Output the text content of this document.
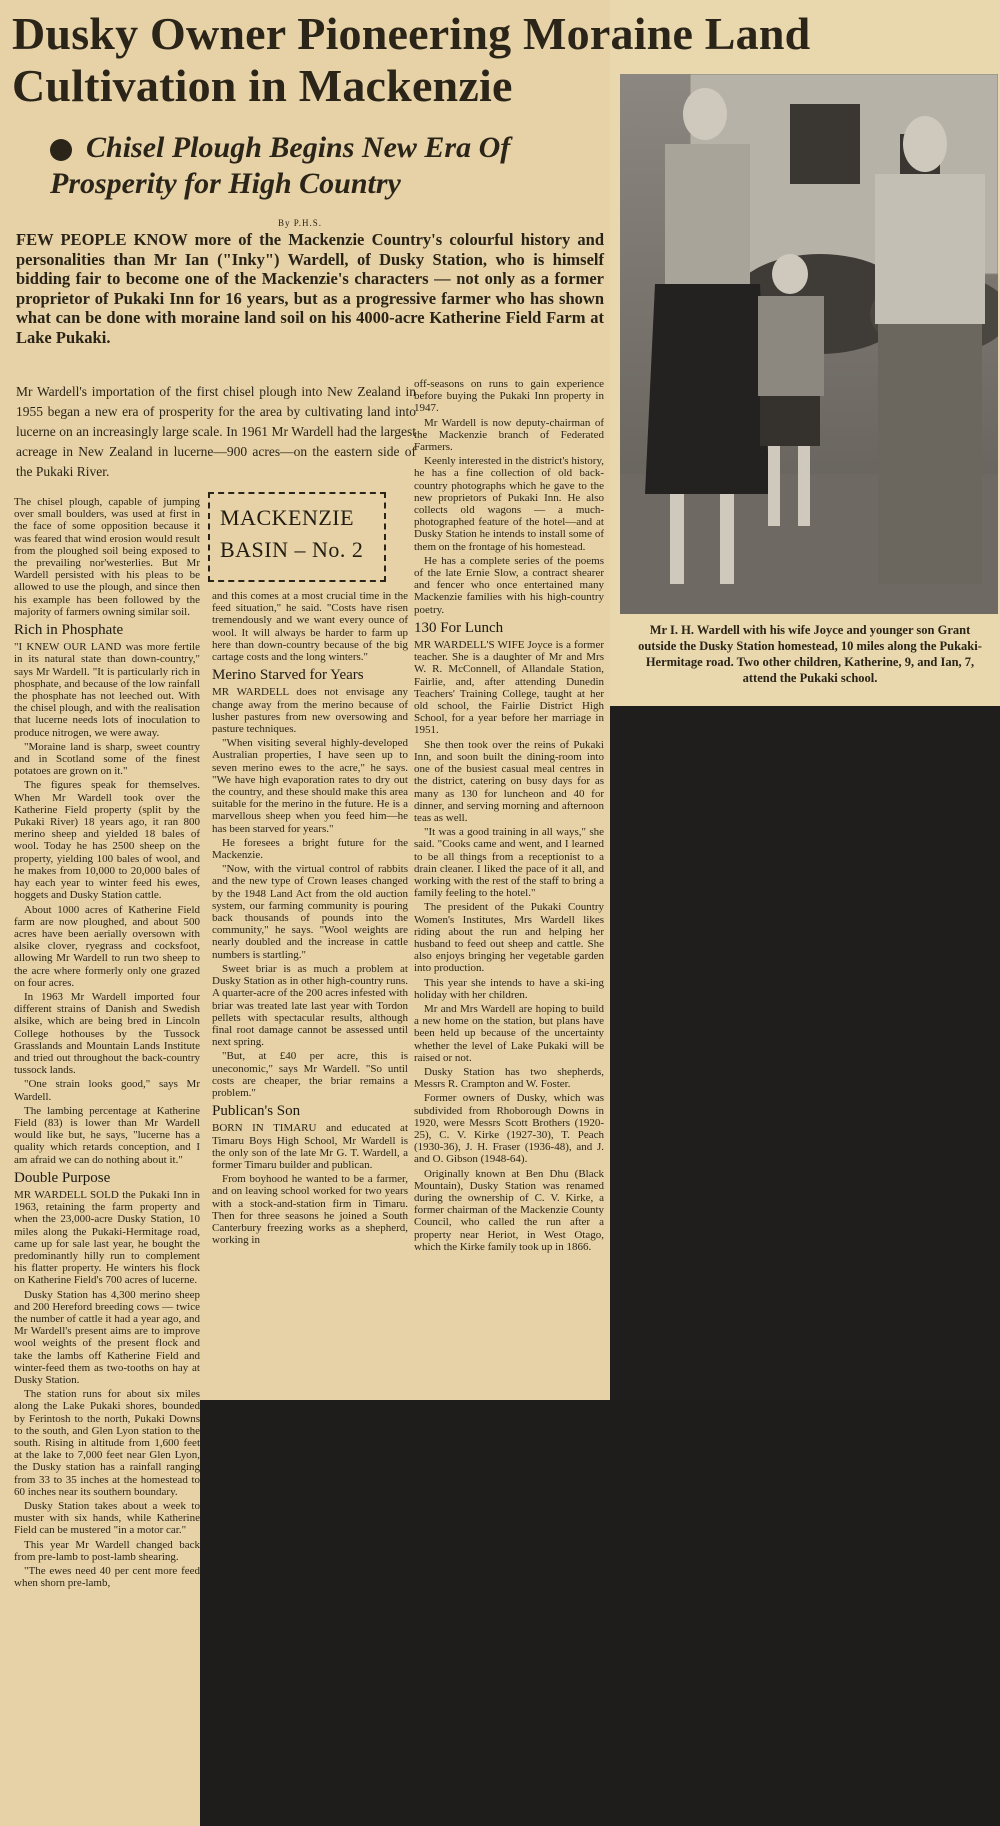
Dusky Owner Pioneering Moraine Land Cultivation in Mackenzie
Chisel Plough Begins New Era Of Prosperity for High Country
By P.H.S.
FEW PEOPLE KNOW more of the Mackenzie Country's colourful history and personalities than Mr Ian ("Inky") Wardell, of Dusky Station, who is himself bidding fair to become one of the Mackenzie's characters — not only as a former proprietor of Pukaki Inn for 16 years, but as a progressive farmer who has shown what can be done with moraine land soil on his 4000-acre Katherine Field Farm at Lake Pukaki.
Mr Wardell's importation of the first chisel plough into New Zealand in 1955 began a new era of prosperity for the area by cultivating land into lucerne on an increasingly large scale. In 1961 Mr Wardell had the largest acreage in New Zealand in lucerne—900 acres—on the eastern side of the Pukaki River.
Mr I. H. Wardell with his wife Joyce and younger son Grant outside the Dusky Station homestead, 10 miles along the Pukaki-Hermitage road. Two other children, Katherine, 9, and Ian, 7, attend the Pukaki school.
MACKENZIE BASIN – No. 2

The chisel plough, capable of jumping over small boulders, was used at first in the face of some opposition because it was feared that wind erosion would result from the ploughed soil being exposed to the prevailing nor'westerlies. But Mr Wardell persisted with his pleas to be allowed to use the plough, and since then his example has been followed by the majority of farmers owning similar soil.

Rich in Phosphate

"I KNEW OUR LAND was more fertile in its natural state than down-country," says Mr Wardell. "It is particularly rich in phosphate, and because of the low rainfall the phosphate has not leeched out. With the chisel plough, and with the realisation that lucerne needs lots of inoculation to produce nitrogen, we were away.

"Moraine land is sharp, sweet country and in Scotland some of the finest potatoes are grown on it."

The figures speak for themselves. When Mr Wardell took over the Katherine Field property (split by the Pukaki River) 18 years ago, it ran 800 merino sheep and yielded 18 bales of wool. Today he has 2500 sheep on the property, yielding 100 bales of wool, and he makes from 10,000 to 20,000 bales of hay each year to winter feed his ewes, hoggets and Dusky Station cattle.

About 1000 acres of Katherine Field farm are now ploughed, and about 500 acres have been aerially oversown with alsike clover, ryegrass and cocksfoot, allowing Mr Wardell to run two sheep to the acre where formerly only one grazed on four acres.

In 1963 Mr Wardell imported four different strains of Danish and Swedish alsike, which are being bred in Lincoln College hothouses by the Tussock Grasslands and Mountain Lands Institute and tried out throughout the back-country tussock lands.

"One strain looks good," says Mr Wardell.

The lambing percentage at Katherine Field (83) is lower than Mr Wardell would like but, he says, "lucerne has a quality which retards conception, and I am afraid we can do nothing about it."

Double Purpose

MR WARDELL SOLD the Pukaki Inn in 1963, retaining the farm property and when the 23,000-acre Dusky Station, 10 miles along the Pukaki-Hermitage road, came up for sale last year, he bought the predominantly hilly run to complement his flatter property. He winters his flock on Katherine Field's 700 acres of lucerne.

Dusky Station has 4,300 merino sheep and 200 Hereford breeding cows — twice the number of cattle it had a year ago, and Mr Wardell's present aims are to improve wool weights of the present flock and take the lambs off Katherine Field and winter-feed them as two-tooths on hay at Dusky Station.

The station runs for about six miles along the Lake Pukaki shores, bounded by Ferintosh to the north, Pukaki Downs to the south, and Glen Lyon station to the south. Rising in altitude from 1,600 feet at the lake to 7,000 feet near Glen Lyon, the Dusky station has a rainfall ranging from 33 to 35 inches at the homestead to 60 inches near its southern boundary.

Dusky Station takes about a week to muster with six hands, while Katherine Field can be mustered "in a motor car."

This year Mr Wardell changed back from pre-lamb to post-lamb shearing.

"The ewes need 40 per cent more feed when shorn pre-lamb,

and this comes at a most crucial time in the feed situation," he said. "Costs have risen tremendously and we want every ounce of wool. It will always be harder to farm up here than down-country because of the big cartage costs and the long winters."

Merino Starved for Years

MR WARDELL does not envisage any change away from the merino because of lusher pastures from new oversowing and pasture techniques.

"When visiting several highly-developed Australian properties, I have seen up to seven merino ewes to the acre," he says. "We have high evaporation rates to dry out the country, and these should make this area suitable for the merino in the future. He is a marvellous sheep when you feed him—he has been starved for years."

He foresees a bright future for the Mackenzie.

"Now, with the virtual control of rabbits and the new type of Crown leases changed by the 1948 Land Act from the old auction system, our farming community is pouring back thousands of pounds into the community," he says. "Wool weights are nearly doubled and the increase in cattle numbers is startling."

Sweet briar is as much a problem at Dusky Station as in other high-country runs. A quarter-acre of the 200 acres infested with briar was treated late last year with Tordon pellets with spectacular results, although final root damage cannot be assessed until next spring.

"But, at £40 per acre, this is uneconomic," says Mr Wardell. "So until costs are cheaper, the briar remains a problem."

Publican's Son

BORN IN TIMARU and educated at Timaru Boys High School, Mr Wardell is the only son of the late Mr G. T. Wardell, a former Timaru builder and publican.

From boyhood he wanted to be a farmer, and on leaving school worked for two years with a stock-and-station firm in Timaru. Then for three seasons he joined a South Canterbury freezing works as a shepherd, working in

off-seasons on runs to gain experience before buying the Pukaki Inn property in 1947.

Mr Wardell is now deputy-chairman of the Mackenzie branch of Federated Farmers.

Keenly interested in the district's history, he has a fine collection of old back-country photographs which he gave to the new proprietors of Pukaki Inn. He also collects old wagons — a much-photographed feature of the hotel—and at Dusky Station he intends to install some of them on the frontage of his homestead.

He has a complete series of the poems of the late Ernie Slow, a contract shearer and fencer who once entertained many Mackenzie families with his high-country poetry.

130 For Lunch

MR WARDELL'S WIFE Joyce is a former teacher. She is a daughter of Mr and Mrs W. R. McConnell, of Allandale Station, Fairlie, and, after attending Dunedin Teachers' Training College, taught at her old school, the Fairlie District High School, for a year before her marriage in 1951.

She then took over the reins of Pukaki Inn, and soon built the dining-room into one of the busiest casual meal centres in the district, catering on busy days for as many as 130 for luncheon and 40 for dinner, and serving morning and afternoon teas as well.

"It was a good training in all ways," she said. "Cooks came and went, and I learned to be all things from a receptionist to a drain cleaner. I liked the pace of it all, and working with the rest of the staff to bring a family feeling to the hotel."

The president of the Pukaki Country Women's Institutes, Mrs Wardell likes riding about the run and helping her husband to feed out sheep and cattle. She also enjoys bringing her vegetable garden into production.

This year she intends to have a ski-ing holiday with her children.

Mr and Mrs Wardell are hoping to build a new home on the station, but plans have been held up because of the uncertainty whether the level of Lake Pukaki will be raised or not.

Dusky Station has two shepherds, Messrs R. Crampton and W. Foster.

Former owners of Dusky, which was subdivided from Rhoborough Downs in 1920, were Messrs Scott Brothers (1920-25), C. V. Kirke (1927-30), T. Peach (1930-36), J. H. Fraser (1936-48), and J. and O. Gibson (1948-64).

Originally known at Ben Dhu (Black Mountain), Dusky Station was renamed during the ownership of C. V. Kirke, a former chairman of the Mackenzie County Council, who called the run after a property near Heriot, in West Otago, which the Kirke family took up in 1866.
